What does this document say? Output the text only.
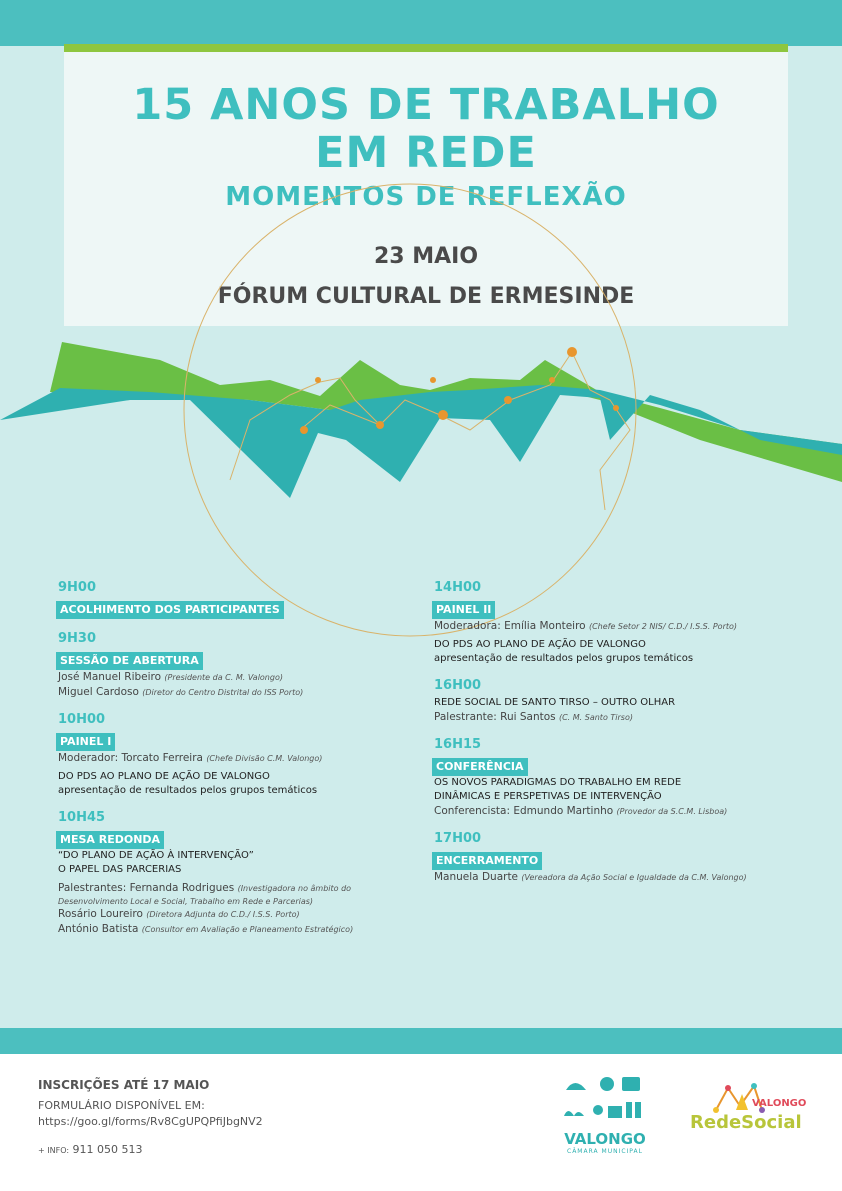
15 ANOS DE TRABALHO
EM REDE
MOMENTOS DE REFLEXÃO
23 MAIO
FÓRUM CULTURAL DE ERMESINDE
9H00
ACOLHIMENTO DOS PARTICIPANTES
9H30
SESSÃO DE ABERTURA
José Manuel Ribeiro (Presidente da C. M. Valongo)
Miguel Cardoso (Diretor do Centro Distrital do ISS Porto)
10H00
PAINEL I
Moderador: Torcato Ferreira (Chefe Divisão C.M. Valongo)
DO PDS AO PLANO DE AÇÃO DE VALONGO
apresentação de resultados pelos grupos temáticos
10H45
MESA REDONDA
“DO PLANO DE AÇÃO À INTERVENÇÃO”
O PAPEL DAS PARCERIAS
Palestrantes: Fernanda Rodrigues (Investigadora no âmbito do
Desenvolvimento Local e Social, Trabalho em Rede e Parcerias)
Rosário Loureiro (Diretora Adjunta do C.D./ I.S.S. Porto)
António Batista (Consultor em Avaliação e Planeamento Estratégico)
14H00
PAINEL II
Moderadora: Emília Monteiro (Chefe Setor 2 NIS/ C.D./ I.S.S. Porto)
DO PDS AO PLANO DE AÇÃO DE VALONGO
apresentação de resultados pelos grupos temáticos
16H00
REDE SOCIAL DE SANTO TIRSO – OUTRO OLHAR
Palestrante: Rui Santos (C. M. Santo Tirso)
16H15
CONFERÊNCIA
OS NOVOS PARADIGMAS DO TRABALHO EM REDE
DINÂMICAS E PERSPETIVAS DE INTERVENÇÃO
Conferencista: Edmundo Martinho (Provedor da S.C.M. Lisboa)
17H00
ENCERRAMENTO
Manuela Duarte (Vereadora da Ação Social e Igualdade da C.M. Valongo)
INSCRIÇÕES ATÉ 17 MAIO
FORMULÁRIO DISPONÍVEL EM:
https://goo.gl/forms/Rv8CgUPQPfiJbgNV2
+ INFO: 911 050 513
VALONGO
CÂMARA MUNICIPAL
VALONGO
RedeSocial
